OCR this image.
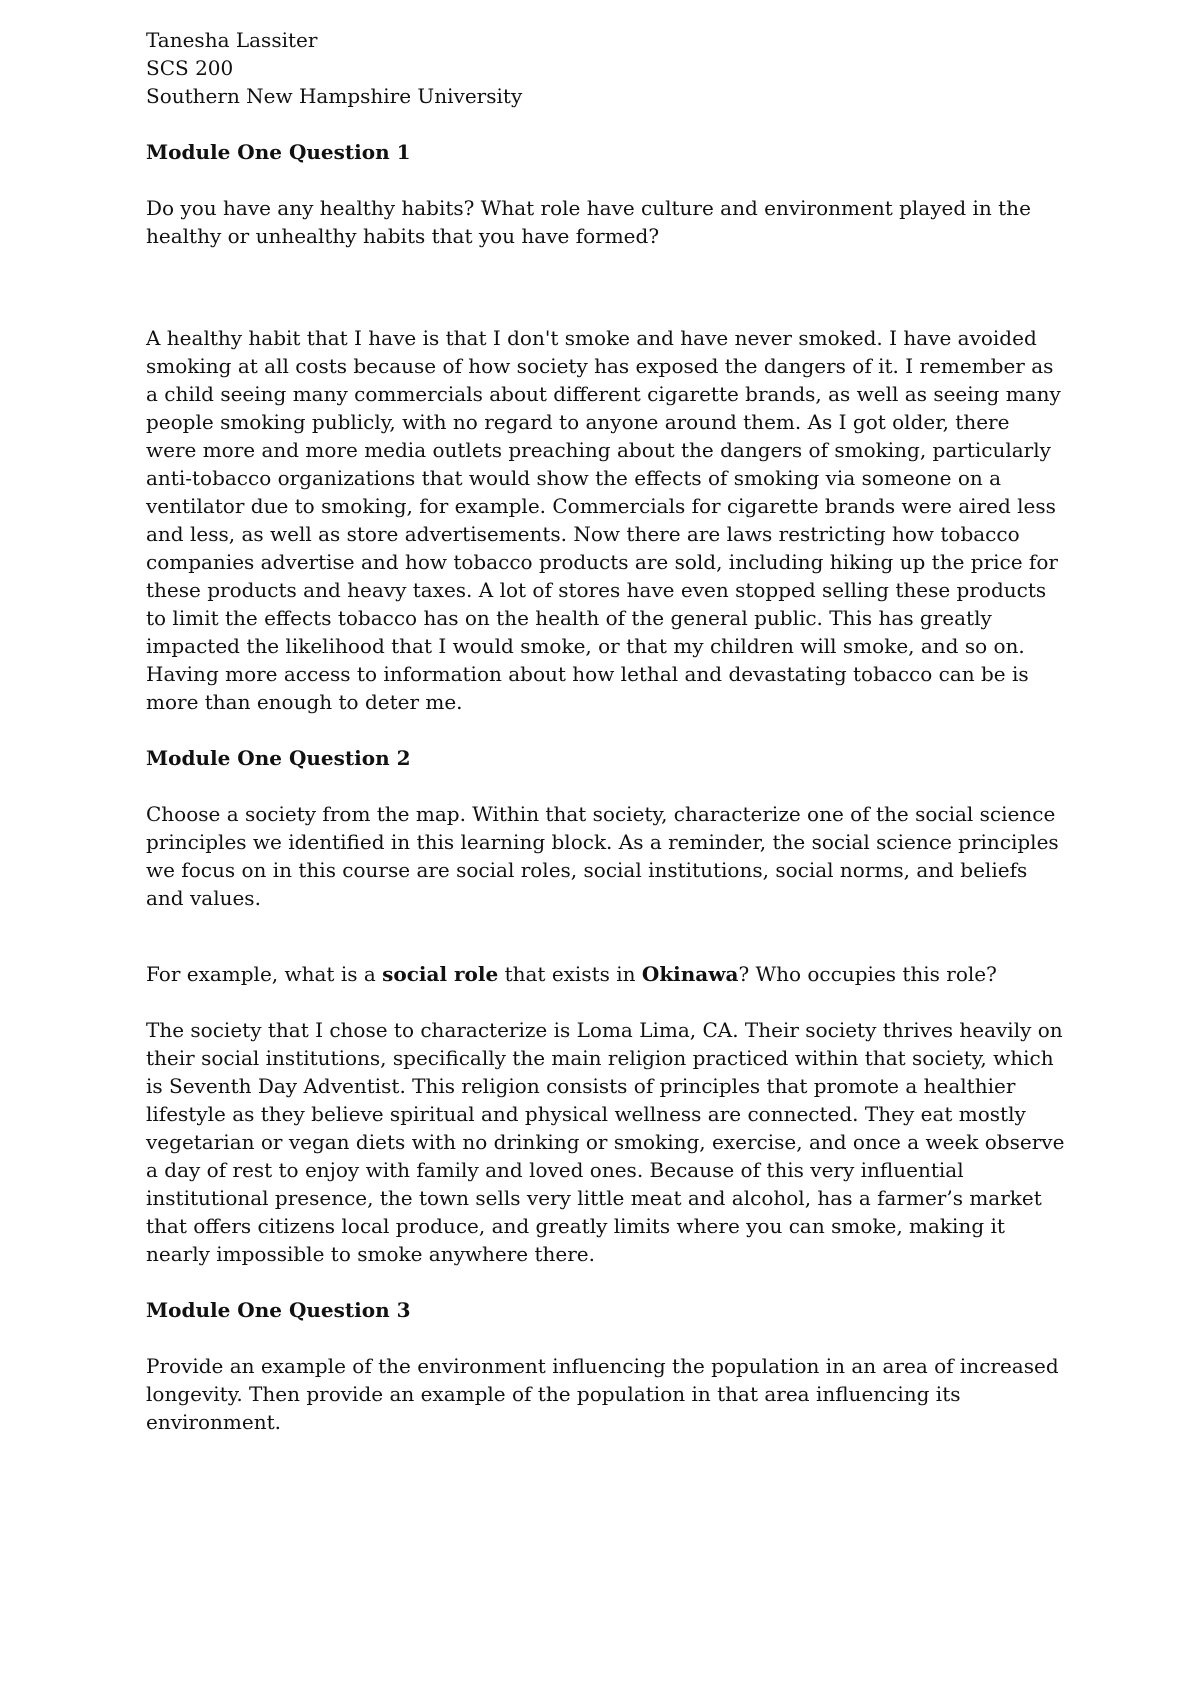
Tanesha Lassiter
SCS 200
Southern New Hampshire University

Module One Question 1

Do you have any healthy habits? What role have culture and environment played in the healthy or unhealthy habits that you have formed?

A healthy habit that I have is that I don't smoke and have never smoked. I have avoided smoking at all costs because of how society has exposed the dangers of it. I remember as a child seeing many commercials about different cigarette brands, as well as seeing many people smoking publicly, with no regard to anyone around them. As I got older, there were more and more media outlets preaching about the dangers of smoking, particularly anti-tobacco organizations that would show the effects of smoking via someone on a ventilator due to smoking, for example. Commercials for cigarette brands were aired less and less, as well as store advertisements. Now there are laws restricting how tobacco companies advertise and how tobacco products are sold, including hiking up the price for these products and heavy taxes. A lot of stores have even stopped selling these products to limit the effects tobacco has on the health of the general public. This has greatly impacted the likelihood that I would smoke, or that my children will smoke, and so on. Having more access to information about how lethal and devastating tobacco can be is more than enough to deter me.

Module One Question 2

Choose a society from the map. Within that society, characterize one of the social science principles we identified in this learning block. As a reminder, the social science principles we focus on in this course are social roles, social institutions, social norms, and beliefs and values.

For example, what is a social role that exists in Okinawa? Who occupies this role?

The society that I chose to characterize is Loma Lima, CA. Their society thrives heavily on their social institutions, specifically the main religion practiced within that society, which is Seventh Day Adventist. This religion consists of principles that promote a healthier lifestyle as they believe spiritual and physical wellness are connected. They eat mostly vegetarian or vegan diets with no drinking or smoking, exercise, and once a week observe a day of rest to enjoy with family and loved ones. Because of this very influential institutional presence, the town sells very little meat and alcohol, has a farmer’s market that offers citizens local produce, and greatly limits where you can smoke, making it nearly impossible to smoke anywhere there.

Module One Question 3

Provide an example of the environment influencing the population in an area of increased longevity. Then provide an example of the population in that area influencing its environment.
